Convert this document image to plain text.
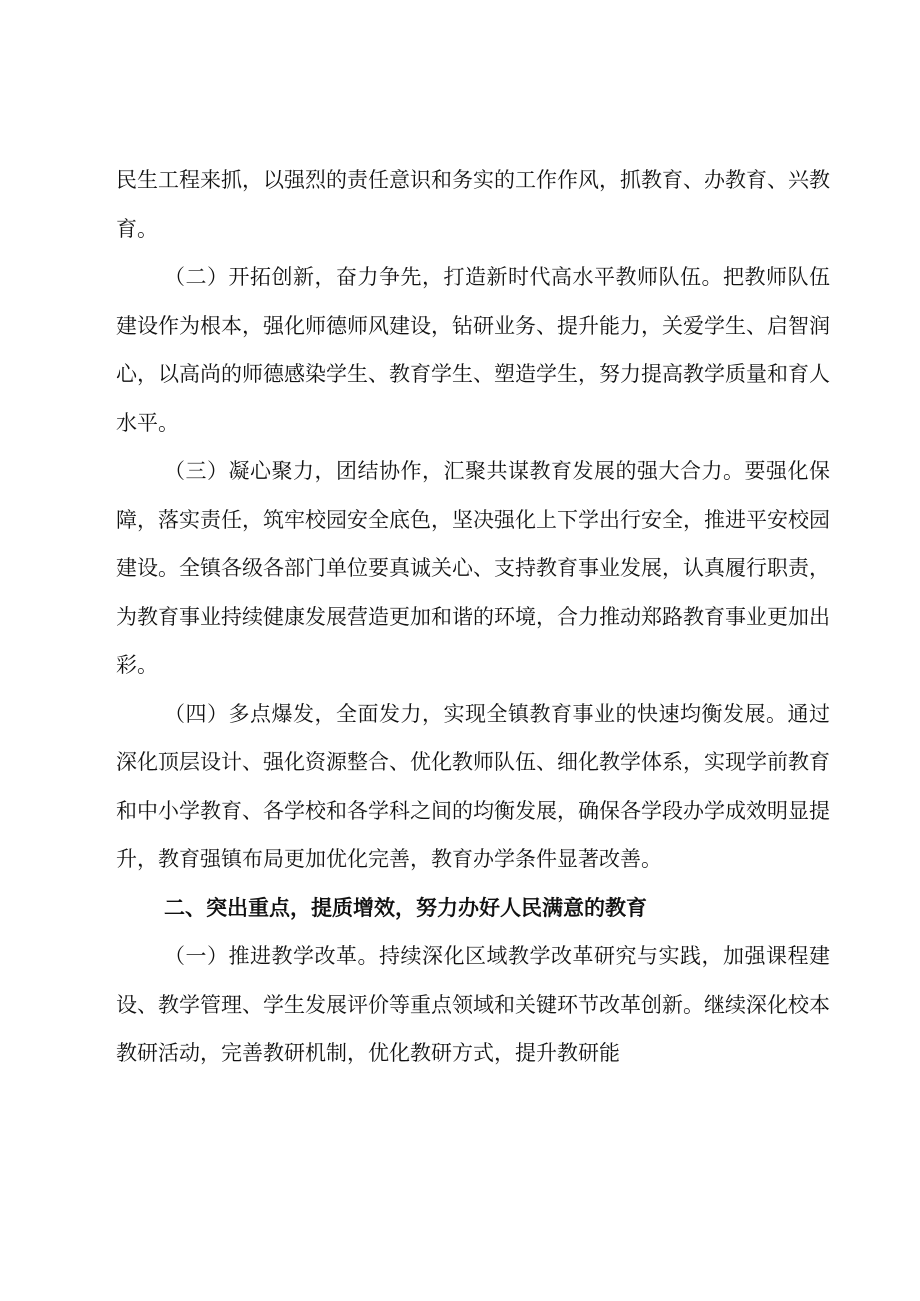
民生工程来抓，以强烈的责任意识和务实的工作作风，抓教育、办教育、兴教育。

（二）开拓创新，奋力争先，打造新时代高水平教师队伍。把教师队伍建设作为根本，强化师德师风建设，钻研业务、提升能力，关爱学生、启智润心，以高尚的师德感染学生、教育学生、塑造学生，努力提高教学质量和育人水平。

（三）凝心聚力，团结协作，汇聚共谋教育发展的强大合力。要强化保障，落实责任，筑牢校园安全底色，坚决强化上下学出行安全，推进平安校园建设。全镇各级各部门单位要真诚关心、支持教育事业发展，认真履行职责，为教育事业持续健康发展营造更加和谐的环境，合力推动郑路教育事业更加出彩。

（四）多点爆发，全面发力，实现全镇教育事业的快速均衡发展。通过深化顶层设计、强化资源整合、优化教师队伍、细化教学体系，实现学前教育和中小学教育、各学校和各学科之间的均衡发展，确保各学段办学成效明显提升，教育强镇布局更加优化完善，教育办学条件显著改善。

二、突出重点，提质增效，努力办好人民满意的教育

（一）推进教学改革。持续深化区域教学改革研究与实践，加强课程建设、教学管理、学生发展评价等重点领域和关键环节改革创新。继续深化校本教研活动，完善教研机制，优化教研方式，提升教研能
